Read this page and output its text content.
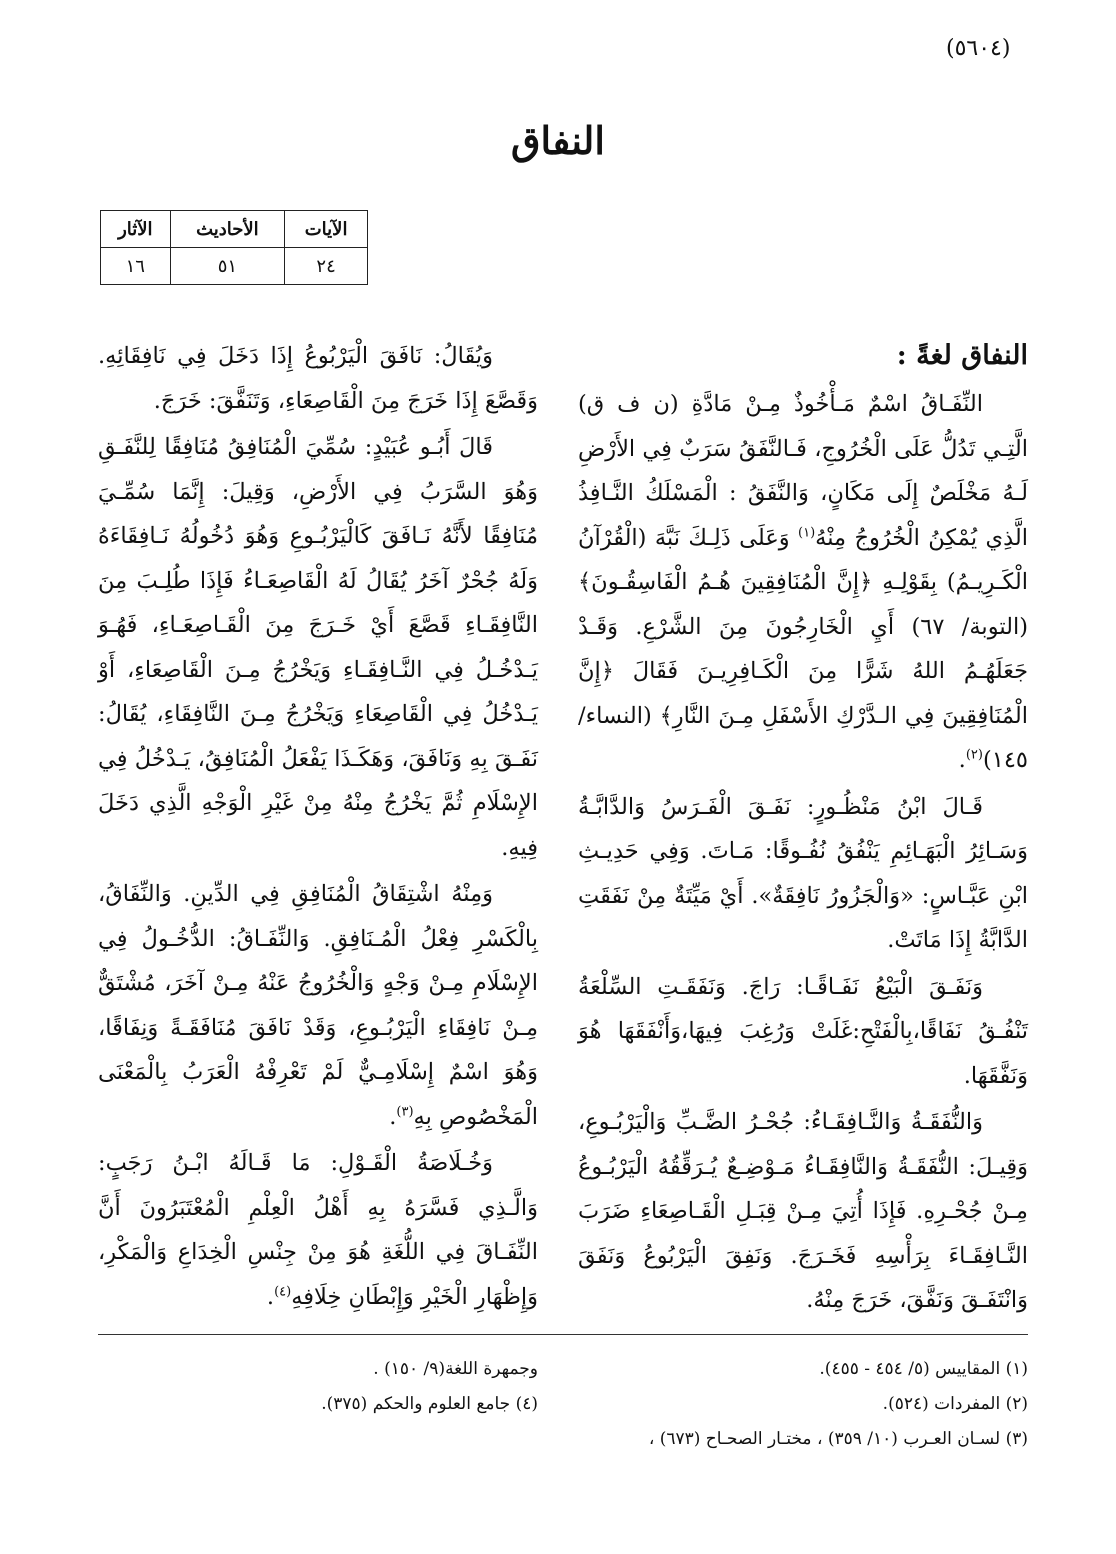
(٥٦٠٤)
النفاق
الآيات	الأحاديث	الآثار
٢٤	٥١	١٦
النفاق لغةً :

النِّفَـاقُ اسْمٌ مَـأْخُوذٌ مِـنْ مَادَّةِ (ن ف ق) الَّتِـي تَدُلُّ عَلَى الْخُرُوجِ، فَـالنَّفَقُ سَرَبٌ فِي الأَرْضِ لَـهُ مَخْلَصٌ إِلَى مَكَانٍ، وَالنَّفَقُ : الْمَسْلَكُ النَّـافِذُ الَّذِي يُمْكِنُ الْخُرُوجُ مِنْهُ$^{(١)}$ وَعَلَى ذَلِـكَ نَبَّهَ (الْقُرْآنُ الْكَـرِيـمُ) بِقَوْلِـهِ ﴿إِنَّ الْمُنَافِقِينَ هُـمُ الْفَاسِقُـونَ﴾ (التوبة/ ٦٧) أَيِ الْخَارِجُونَ مِنَ الشَّرْعِ. وَقَـدْ جَعَلَهُـمُ اللهُ شَرًّا مِنَ الْكَـافِرِيـنَ فَقَالَ ﴿إِنَّ الْمُنَافِقِينَ فِي الـدَّرْكِ الأَسْفَلِ مِـنَ النَّارِ﴾ (النساء/ ١٤٥)$^{(٢)}$.

قَـالَ ابْنُ مَنْظُـورٍ: نَفَـقَ الْفَـرَسُ وَالدَّابَّـةُ وَسَـائِرُ الْبَهَـائِمِ يَنْفُقُ نُفُـوقًا: مَـاتَ. وَفِي حَدِيـثِ ابْنِ عَبَّـاسٍ: «وَالْجَزُورُ نَافِقَةٌ». أَيْ مَيِّتَةٌ مِنْ نَفَقَتِ الدَّابَّةُ إِذَا مَاتَتْ.

وَنَفَـقَ الْبَيْعُ نَفَـاقًـا: رَاجَ. وَنَفَقَـتِ السِّلْعَةُ تَنْفُـقُ نَفَاقًا،بِالْفَتْحِ:غَلَتْ وَرُغِبَ فِيهَا،وَأَنْفَقَهَا هُوَ وَنَفَّقَهَا.

وَالنُّفَقَـةُ وَالنَّـافِقَـاءُ: جُحْـرُ الضَّـبِّ وَالْيَرْبُـوعِ، وَقِيـلَ: النُّفَقَـةُ وَالنَّافِقَـاءُ مَـوْضِـعٌ يُـرَقِّقُهُ الْيَرْبُـوعُ مِـنْ جُحْـرِهِ. فَإِذَا أُتِيَ مِـنْ قِبَـلِ الْقَـاصِعَاءِ ضَرَبَ النَّـافِقَـاءَ بِرَأْسِهِ فَخَـرَجَ. وَنَفِقَ الْيَرْبُوعُ وَنَفَقَ وَانْتَفَـقَ وَنَفَّقَ، خَرَجَ مِنْهُ.

وَيُقَالُ: نَافَقَ الْيَرْبُوعُ إِذَا دَخَلَ فِي نَافِقَائِهِ. وَقَصَّعَ إِذَا خَرَجَ مِنَ الْقَاصِعَاءِ، وَتَنَفَّقَ: خَرَجَ.

قَالَ أَبُـو عُبَيْدٍ: سُمِّيَ الْمُنَافِقُ مُنَافِقًا لِلنَّفَـقِ وَهُوَ السَّرَبُ فِي الأَرْضِ، وَقِيلَ: إِنَّمَا سُمِّـيَ مُنَافِقًا لأَنَّهُ نَـافَقَ كَالْيَرْبُـوعِ وَهُوَ دُخُولُهُ نَـافِقَاءَهُ وَلَهُ جُحْرٌ آخَرُ يُقَالُ لَهُ الْقَاصِعَـاءُ فَإِذَا طُلِـبَ مِنَ النَّافِقَـاءِ قَصَّعَ أَيْ خَـرَجَ مِنَ الْقَـاصِعَـاءِ، فَهُـوَ يَـدْخُـلُ فِي النَّـافِقَـاءِ وَيَخْرُجُ مِـنَ الْقَاصِعَاءِ، أَوْ يَـدْخُلُ فِي الْقَاصِعَاءِ وَيَخْرُجُ مِـنَ النَّافِقَاءِ، يُقَالُ: نَفَـقَ بِهِ وَنَافَقَ، وَهَكَـذَا يَفْعَلُ الْمُنَافِقُ، يَـدْخُلُ فِي الإِسْلَامِ ثُمَّ يَخْرُجُ مِنْهُ مِنْ غَيْرِ الْوَجْهِ الَّذِي دَخَلَ فِيهِ.

وَمِنْهُ اشْتِقَاقُ الْمُنَافِقِ فِي الدِّينِ. وَالنِّفَاقُ، بِالْكَسْرِ فِعْلُ الْمُـنَافِقِ. وَالنِّفَـاقُ: الدُّخُـولُ فِي الإِسْلَامِ مِـنْ وَجْهٍ وَالْخُرُوجُ عَنْهُ مِـنْ آخَرَ، مُشْتَقٌّ مِـنْ نَافِقَاءِ الْيَرْبُـوعِ، وَقَدْ نَافَقَ مُنَافَقَـةً وَنِفَاقًا، وَهُوَ اسْمٌ إِسْلَامِـيٌّ لَمْ تَعْرِفْهُ الْعَرَبُ بِالْمَعْنَى الْمَخْصُوصِ بِهِ$^{(٣)}$.

وَخُـلَاصَةُ الْقَـوْلِ: مَا قَـالَهُ ابْـنُ رَجَبٍ: وَالَّـذِي فَسَّرَهُ بِهِ أَهْلُ الْعِلْمِ الْمُعْتَبَرُونَ أَنَّ النِّفَـاقَ فِي اللُّغَةِ هُوَ مِنْ جِنْسِ الْخِدَاعِ وَالْمَكْرِ، وَإِظْهَارِ الْخَيْرِ وَإِبْطَانِ خِلَافِهِ$^{(٤)}$.

(١) المقاييس (٥/ ٤٥٤ - ٤٥٥).
(٢) المفردات (٥٢٤).
(٣) لسـان العـرب (١٠/ ٣٥٩) ، مختـار الصحـاح (٦٧٣) ،
وجمهرة اللغة(٩/ ١٥٠) .
(٤) جامع العلوم والحكم (٣٧٥).
